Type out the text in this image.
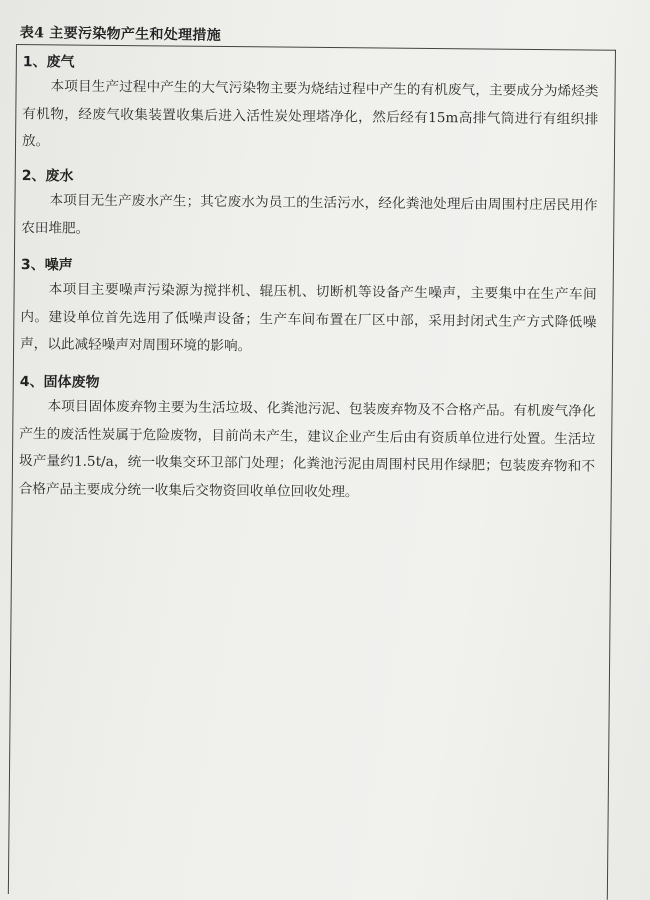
表4 主要污染物产生和处理措施
1、废气

本项目生产过程中产生的大气污染物主要为烧结过程中产生的有机废气，主要成分为烯烃类有机物，经废气收集装置收集后进入活性炭处理塔净化，然后经有15m高排气筒进行有组织排放。

2、废水

本项目无生产废水产生；其它废水为员工的生活污水，经化粪池处理后由周围村庄居民用作农田堆肥。

3、噪声

本项目主要噪声污染源为搅拌机、辊压机、切断机等设备产生噪声，主要集中在生产车间内。建设单位首先选用了低噪声设备；生产车间布置在厂区中部，采用封闭式生产方式降低噪声，以此减轻噪声对周围环境的影响。

4、固体废物

本项目固体废弃物主要为生活垃圾、化粪池污泥、包装废弃物及不合格产品。有机废气净化产生的废活性炭属于危险废物，目前尚未产生，建议企业产生后由有资质单位进行处置。生活垃圾产量约1.5t/a，统一收集交环卫部门处理；化粪池污泥由周围村民用作绿肥；包装废弃物和不合格产品主要成分统一收集后交物资回收单位回收处理。
